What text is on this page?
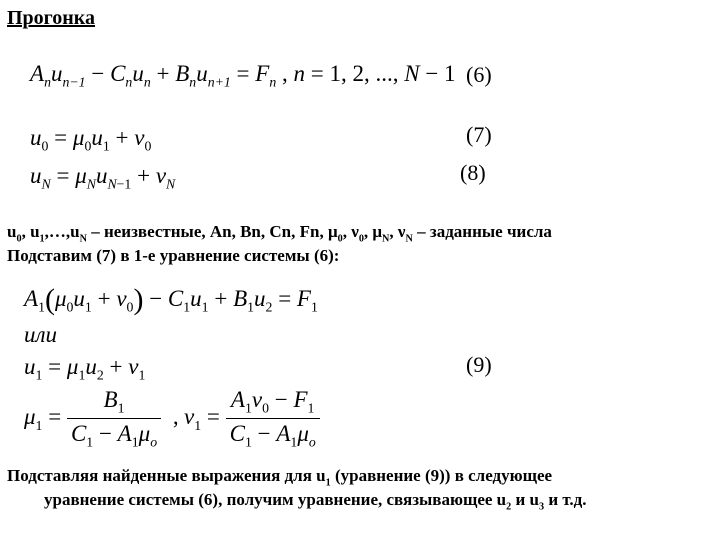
Прогонка
$A_nu_{n-1} - C_nu_n + B_nu_{n+1} = F_n$ , n = 1, 2, ..., N − 1 (6)
$u_0 = \mu_0u_1 + \nu_0$	(7)
$u_N = \mu_Nu_{N-1} + \nu_N$	(8)
$u_0$, $u_1,\dots,u_N$ – неизвестные, An, Bn, Cn, Fn, $\mu_0$, $\nu_0$, $\mu_N$, $\nu_N$ – заданные числа
Подставим (7) в 1-е уравнение системы (6):
$A_1(\mu_0u_1 + \nu_0) - C_1u_1 + B_1u_2 = F_1$
или
$u_1 = \mu_1u_2 + \nu_1$	(9)
$\mu_1 = \frac{B_1}{C_1 - A_1\mu_o}$ , $\nu_1 = \frac{A_1\nu_0 - F_1}{C_1 - A_1\mu_o}$
Подставляя найденные выражения для $u_1$ (уравнение (9)) в следующее
уравнение системы (6), получим уравнение, связывающее $u_2$ и $u_3$ и т.д.
